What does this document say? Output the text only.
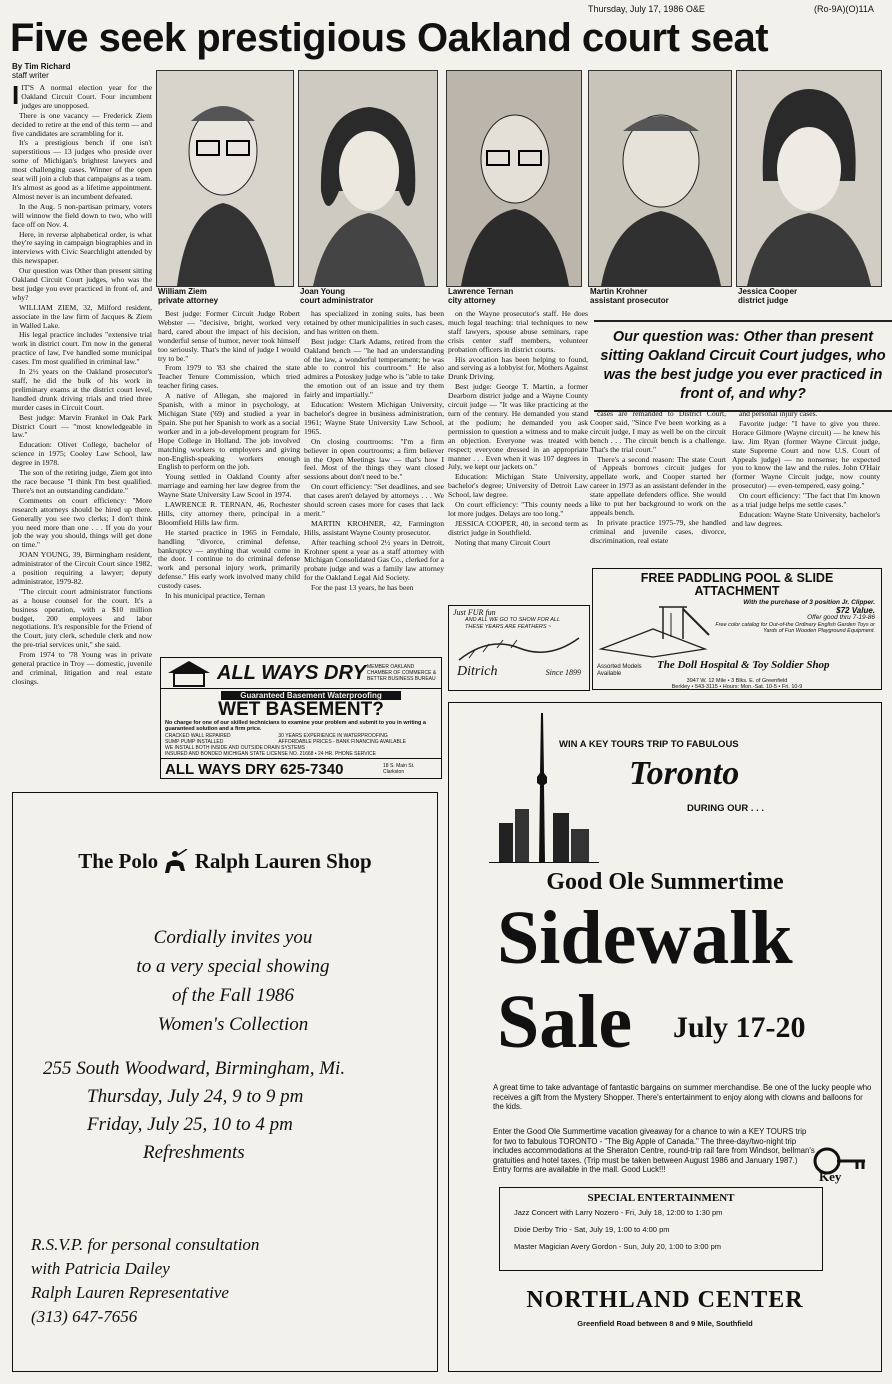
Thursday, July 17, 1986 O&E	(Ro-9A)(O)11A
Five seek prestigious Oakland court seat
By Tim Richard
staff writer
William Ziem
private attorney
Joan Young
court administrator
Lawrence Ternan
city attorney
Martin Krohner
assistant prosecutor
Jessica Cooper
district judge
Our question was: Other than present sitting Oakland Circuit Court judges, who was the best judge you ever practiced in front of, and why?

IIT'S A normal election year for the Oakland Circuit Court. Four incumbent judges are unopposed.

There is one vacancy — Frederick Ziem decided to retire at the end of this term — and five candidates are scrambling for it.

It's a prestigious bench if one isn't superstitious — 13 judges who preside over some of Michigan's brightest lawyers and most challenging cases. Winner of the open seat will join a club that campaigns as a team. It's almost as good as a lifetime appointment. Almost never is an incumbent defeated.

In the Aug. 5 non-partisan primary, voters will winnow the field down to two, who will face off on Nov. 4.

Here, in reverse alphabetical order, is what they're saying in campaign biographies and in interviews with Civic Searchlight attended by this newspaper.

Our question was Other than present sitting Oakland Circuit Court judges, who was the best judge you ever practiced in front of, and why?

WILLIAM ZIEM, 32, Milford resident, associate in the law firm of Jacques & Ziem in Walled Lake.

His legal practice includes "extensive trial work in district court. I'm now in the general practice of law, I've handled some municipal cases. I'm most qualified in criminal law."

In 2½ years on the Oakland prosecutor's staff, he did the bulk of his work in preliminary exams at the district court level, handled drunk driving trials and tried three murder cases in Circuit Court.

Best judge: Marvin Frankel in Oak Park District Court — "most knowledgeable in law."

Education: Olivet College, bachelor of science in 1975; Cooley Law School, law degree in 1978.

The son of the retiring judge, Ziem got into the race because "I think I'm best qualified. There's not an outstanding candidate."

Comments on court efficiency: "More research attorneys should be hired up there. Generally you see two clerks; I don't think you need more than one . . . If you do your job the way you should, things will get done on time."

JOAN YOUNG, 39, Birmingham resident, administrator of the Circuit Court since 1982, a position requiring a lawyer; deputy administrator, 1979-82.

"The circuit court administrator functions as a house counsel for the court. It's a business operation, with a $10 million budget, 200 employees and labor negotiations. It's responsible for the Friend of the Court, jury clerk, schedule clerk and now the pre-trial services unit," she said.

From 1974 to '78 Young was in private general practice in Troy — domestic, juvenile and criminal, litigation and real estate closings.

Best judge: Former Circuit Judge Robert Webster — "decisive, bright, worked very hard, cared about the impact of his decision, wonderful sense of humor, never took himself too seriously. That's the kind of judge I would try to be."

From 1979 to '83 she chaired the state Teacher Tenure Commission, which tried teacher firing cases.

A native of Allegan, she majored in Spanish, with a minor in psychology, at Michigan State ('69) and studied a year in Spain. She put her Spanish to work as a social worker and in a job-development program for Hope College in Holland. The job involved matching workers to employers and giving non-English-speaking workers enough English to perform on the job.

Young settled in Oakland County after marriage and earning her law degree from the Wayne State University Law Scool in 1974.

LAWRENCE R. TERNAN, 46, Rochester Hills, city attorney there, principal in a Bloomfield Hills law firm.

He started practice in 1965 in Ferndale, handling "divorce, criminal defense, bankruptcy — anything that would come in the door. I continue to do criminal defense work and personal injury work, primarily defense." His early work involved many child custody cases.

In his municipal practice, Ternan

has specialized in zoning suits, has been retained by other municipalities in such cases, and has written on them.

Best judge: Clark Adams, retired from the Oakland bench — "he had an understanding of the law, a wonderful temperament; he was able to control his courtroom." He also admires a Potoskey judge who is "able to take the emotion out of an issue and try them fairly and impartially."

Education: Western Michigan University, bachelor's degree in business administration, 1961; Wayne State University Law School, 1965.

On closing courtrooms: "I'm a firm believer in open courtrooms; a firm believer in the Open Meetings law — that's how I feel. Most of the things they want closed sessions about don't need to be."

On court efficiency: "Set deadlines, and see that cases aren't delayed by attorneys . . . We should screen cases more for cases that lack merit."

MARTIN KROHNER, 42, Farmington Hills, assistant Wayne County prosecutor.

After teaching school 2½ years in Detroit, Krohner spent a year as a staff attorney with Michigan Consolidated Gas Co., clerked for a probate judge and was a family law attorney for the Oakland Legal Aid Society.

For the past 13 years, he has been

on the Wayne prosecutor's staff. He does much legal teaching: trial techniques to new staff lawyers, spouse abuse seminars, rape crisis center staff members, volunteer probation officers in district courts.

His avocation has been helping to found, and serving as a lobbyist for, Mothers Against Drunk Driving.

Best judge: George T. Martin, a former Dearborn district judge and a Wayne County circuit judge — "It was like practicing at the turn of the century. He demanded you stand at the podium; he demanded you ask permission to question a witness and to make an objection. Everyone was treated with respect; everyone dressed in an appropriate manner . . . Even when it was 107 degrees in July, we kept our jackets on."

Education: Michigan State University, bachelor's degree; University of Detroit Law School, law degree.

On court efficiency: "This county needs a lot more judges. Delays are too long."

JESSICA COOPER, 40, in second term as district judge in Southfield.

Noting that many Circuit Court

cases are remanded to District Court, Cooper said, "Since I've been working as a circuit judge, I may as well be on the circuit bench . . . The circuit bench is a challenge. That's the trial court."

There's a second reason: The state Court of Appeals borrows circuit judges for appellate work, and Cooper started her career in 1973 as an assistant defender in the state appellate defenders office. She would like to put her background to work on the appeals bench.

In private practice 1975-79, she handled criminal and juvenile cases, divorce, discrimination, real estate

and personal injury cases.

Favorite judge: "I have to give you three. Horace Gilmore (Wayne circuit) — he knew his law. Jim Ryan (former Wayne Circuit judge, state Supreme Court and now U.S. Court of Appeals judge) — no nonsense; he expected you to know the law and the rules. John O'Hair (former Wayne Circuit judge, now county prosecutor) — even-tempered, easy going."

On court efficiency: "The fact that I'm known as a trial judge helps me settle cases."

Education: Wayne State University, bachelor's and law degrees.

ALL WAYS DRY MEMBER OAKLAND CHAMBER OF COMMERCE & BETTER BUSINESS BUREAU
Guaranteed Basement Waterproofing
WET BASEMENT?
No charge for one of our skilled technicians to examine your problem and submit to you in writing a guaranteed solution and a firm price.
CRACKED WALL REPAIRED	30 YEARS EXPERIENCE IN WATERPROOFING
SUMP PUMP INSTALLED	AFFORDABLE PRICES - BANK FINANCING AVAILABLE
WE INSTALL BOTH INSIDE AND OUTSIDE DRAIN SYSTEMS
INSURED AND BONDED MICHIGAN STATE LICENSE NO. 21668 • 24 HR. PHONE SERVICE
ALL WAYS DRY 625-7340	18 S. Main St. Clarkston
Just FUR fun
AND ALL WE GO TO SHOW FOR ALL THESE YEARS ARE FEATHERS ~
Ditrich	Since 1899
FREE PADDLING POOL & SLIDE ATTACHMENT
With the purchase of 3 position Jr. Clipper.
$72 Value.
Offer good thru 7-19-86
Free color catalog for Out-of-the Ordinary English Garden Toys or Yards of Fun Wooden Playground Equipment.
Assorted Models Available
The Doll Hospital & Toy Soldier Shop
3947 W. 12 Mile • 3 Blks. E. of Greenfield
Berkley • 543-3115 • Hours: Mon.-Sat. 10-5 • Fri. 10-9
The Polo Ralph Lauren Shop
Cordially invites you
to a very special showing
of the Fall 1986
Women's Collection
255 South Woodward, Birmingham, Mi.
Thursday, July 24, 9 to 9 pm
Friday, July 25, 10 to 4 pm
Refreshments
R.S.V.P. for personal consultation
with Patricia Dailey
Ralph Lauren Representative
(313) 647-7656
WIN A KEY TOURS TRIP TO FABULOUS
Toronto
DURING OUR . . .
Good Ole Summertime
Sidewalk
Sale	July 17-20
A great time to take advantage of fantastic bargains on summer merchandise. Be one of the lucky people who receives a gift from the Mystery Shopper. There's entertainment to enjoy along with clowns and balloons for the kids.
Enter the Good Ole Summertime vacation giveaway for a chance to win a KEY TOURS trip for two to fabulous TORONTO - "The Big Apple of Canada." The three-day/two-night trip includes accommodations at the Sheraton Centre, round-trip rail fare from Windsor, bellman's gratuities and hotel taxes. (Trip must be taken between August 1986 and January 1987.) Entry forms are available in the mall. Good Luck!!!	Key
SPECIAL ENTERTAINMENT
Jazz Concert with Larry Nozero - Fri, July 18, 12:00 to 1:30 pm
Dixie Derby Trio - Sat, July 19, 1:00 to 4:00 pm
Master Magician Avery Gordon - Sun, July 20, 1:00 to 3:00 pm
NORTHLAND CENTER
Greenfield Road between 8 and 9 Mile, Southfield
